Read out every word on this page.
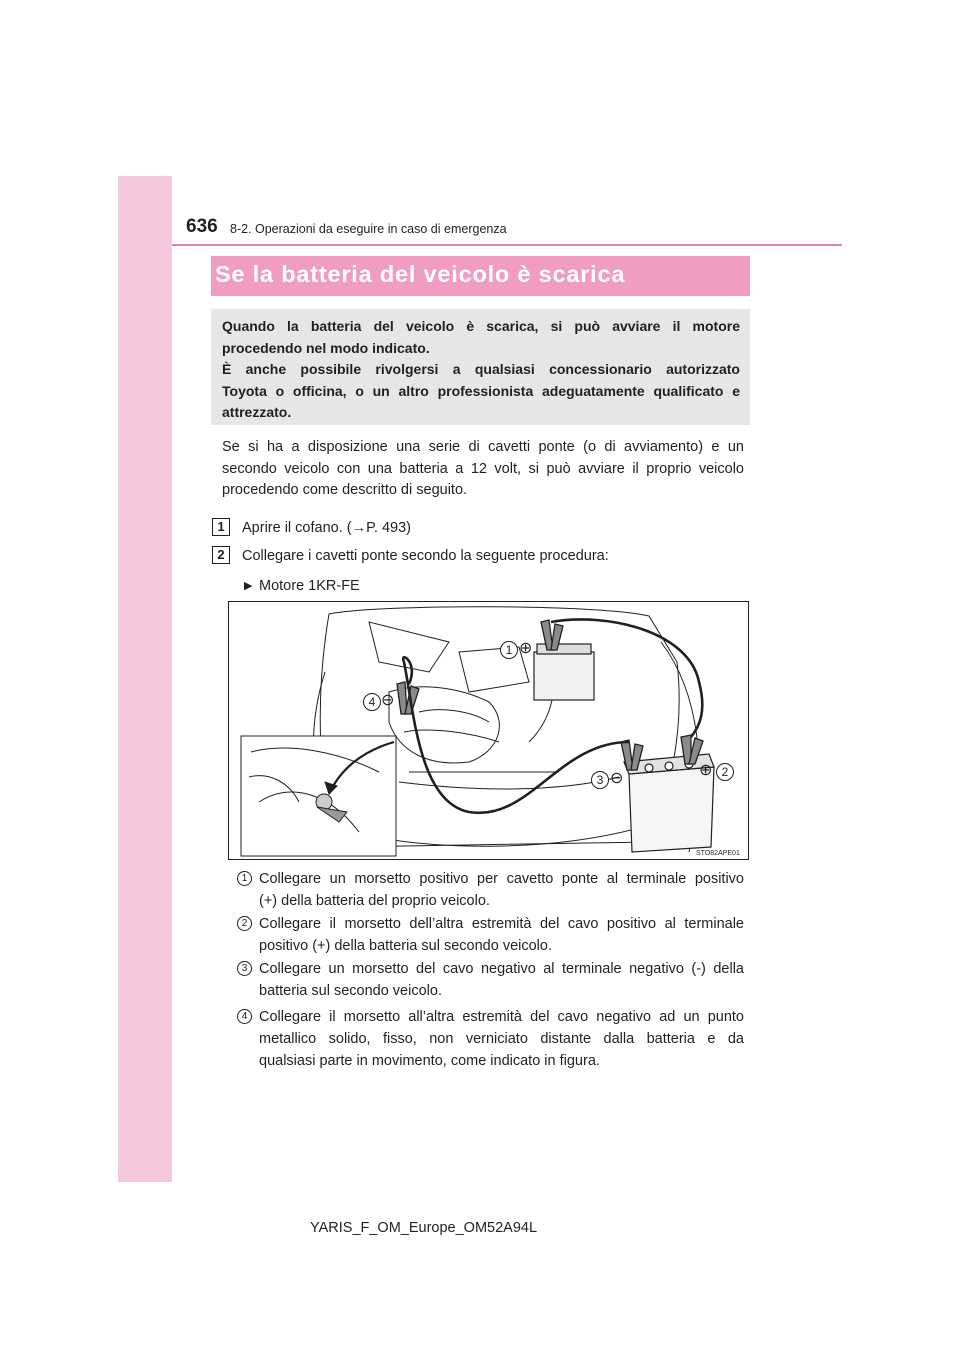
636 8-2. Operazioni da eseguire in caso di emergenza
Se la batteria del veicolo è scarica

Quando la batteria del veicolo è scarica, si può avviare il motore

procedendo nel modo indicato.

È anche possibile rivolgersi a qualsiasi concessionario autorizzato

Toyota o officina, o un altro professionista adeguatamente qualificato e

attrezzato.

Se si ha a disposizione una serie di cavetti ponte (o di avviamento) e un
secondo veicolo con una batteria a 12 volt, si può avviare il proprio veicolo
procedendo come descritto di seguito.
1	Aprire il cofano. (→P. 493)
2	Collegare i cavetti ponte secondo la seguente procedura:
▶ Motore 1KR-FE
1 ⊕
2
⊕
3 ⊖
4 ⊖
STO82APE01
1 Collegare un morsetto positivo per cavetto ponte al terminale positivo
(+) della batteria del proprio veicolo.
2 Collegare il morsetto dell’altra estremità del cavo positivo al terminale
positivo (+) della batteria sul secondo veicolo.
3 Collegare un morsetto del cavo negativo al terminale negativo (-) della
batteria sul secondo veicolo.
4 Collegare il morsetto all’altra estremità del cavo negativo ad un punto
metallico solido, fisso, non verniciato distante dalla batteria e da
qualsiasi parte in movimento, come indicato in figura.
YARIS_F_OM_Europe_OM52A94L
